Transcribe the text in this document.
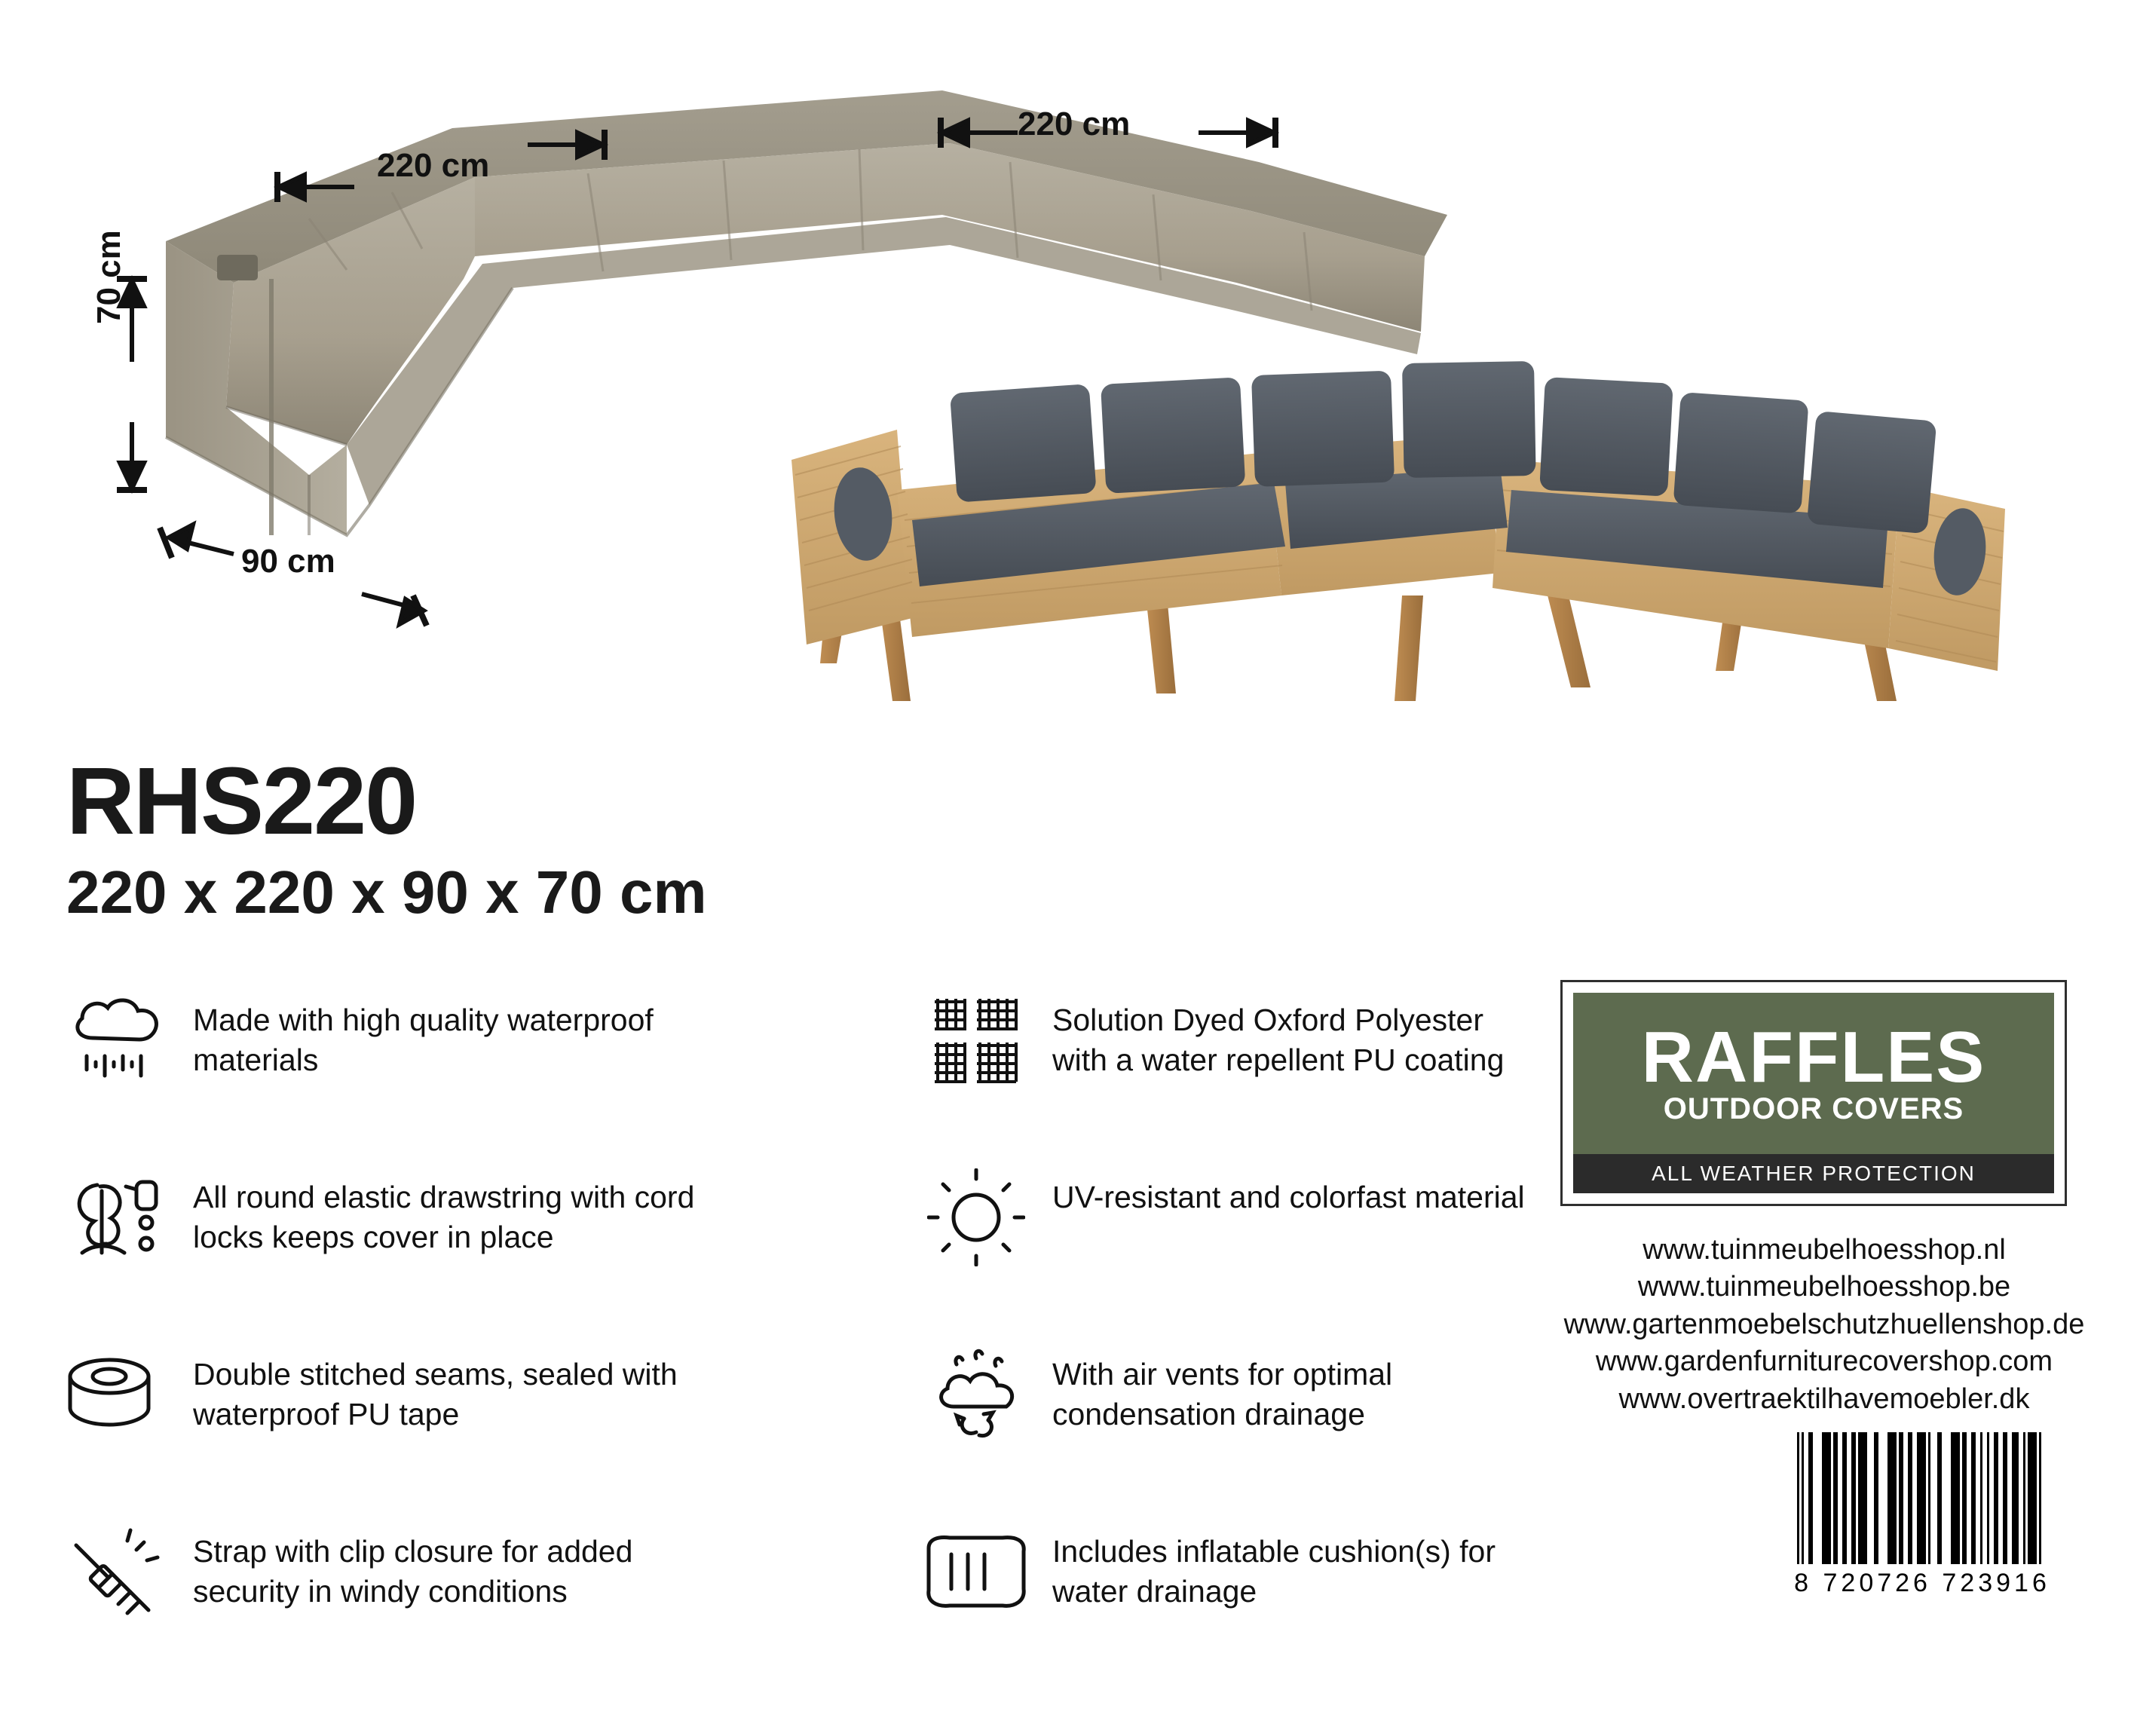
220 cm
220 cm
90 cm
70 cm
RHS220

220 x 220 x 90 x 70 cm

Made with high quality waterproof materials
Solution Dyed Oxford Polyester with a water repellent PU coating
All round elastic drawstring with cord locks keeps cover in place
UV-resistant and colorfast material
Double stitched seams, sealed with waterproof PU tape
With air vents for optimal condensation drainage
Strap with clip closure for added security in windy conditions
Includes inflatable cushion(s) for water drainage
RAFFLES
OUTDOOR COVERS
ALL WEATHER PROTECTION
www.tuinmeubelhoesshop.nl
www.tuinmeubelhoesshop.be
www.gartenmoebelschutzhuellenshop.de
www.gardenfurniturecovershop.com
www.overtraektilhavemoebler.dk
8 720726 723916
